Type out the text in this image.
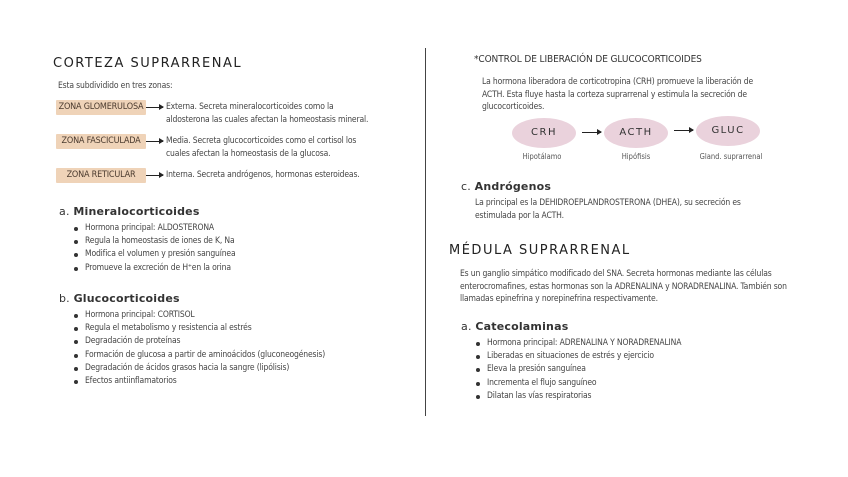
CORTEZA SUPRARRENAL
Esta subdividido en tres zonas:
ZONA GLOMERULOSA	Externa. Secreta mineralocorticoides como la aldosterona las cuales afectan la homeostasis mineral.
ZONA FASCICULADA	Media. Secreta glucocorticoides como el cortisol los cuales afectan la homeostasis de la glucosa.
ZONA RETICULAR	Interna. Secreta andrógenos, hormonas esteroideas.
a. Mineralocorticoides
Hormona principal: ALDOSTERONA
Regula la homeostasis de iones de K, Na
Modifica el volumen y presión sanguínea
Promueve la excreción de H⁺en la orina
b. Glucocorticoides
Hormona principal: CORTISOL
Regula el metabolismo y resistencia al estrés
Degradación de proteínas
Formación de glucosa a partir de aminoácidos (gluconeogénesis)
Degradación de ácidos grasos hacia la sangre (lipólisis)
Efectos antiinflamatorios
*CONTROL DE LIBERACIÓN DE GLUCOCORTICOIDES
La hormona liberadora de corticotropina (CRH) promueve la liberación de ACTH. Esta fluye hasta la corteza suprarrenal y estimula la secreción de glucocorticoides.
CRH	ACTH	GLUC
Hipotálamo	Hipófisis	Gland. suprarrenal
c. Andrógenos
La principal es la DEHIDROEPLANDROSTERONA (DHEA), su secreción es estimulada por la ACTH.
MÉDULA SUPRARRENAL
Es un ganglio simpático modificado del SNA. Secreta hormonas mediante las células enterocromafines, estas hormonas son la ADRENALINA y NORADRENALINA. También son llamadas epinefrina y norepinefrina respectivamente.
a. Catecolaminas
Hormona principal: ADRENALINA Y NORADRENALINA
Liberadas en situaciones de estrés y ejercicio
Eleva la presión sanguínea
Incrementa el flujo sanguíneo
Dilatan las vías respiratorias
